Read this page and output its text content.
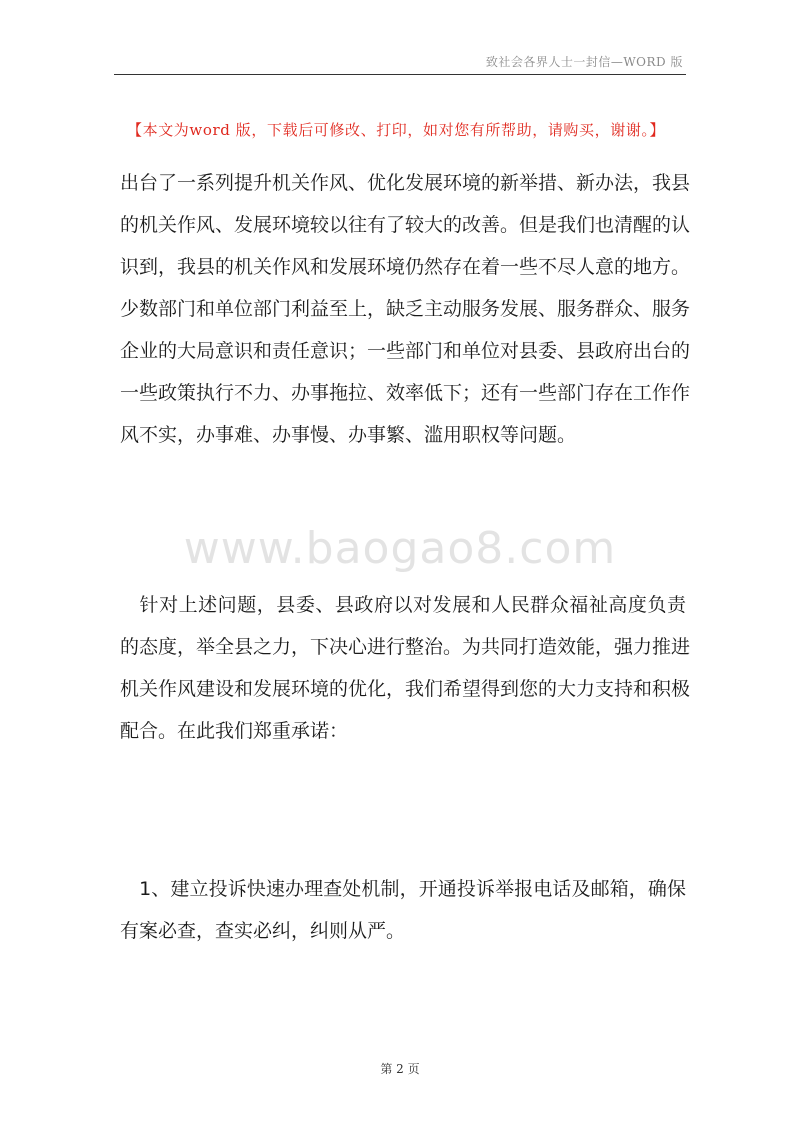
致社会各界人士一封信—WORD 版
【本文为word 版，下载后可修改、打印，如对您有所帮助，请购买，谢谢。】
出台了一系列提升机关作风、优化发展环境的新举措、新办法，我县
的机关作风、发展环境较以往有了较大的改善。但是我们也清醒的认
识到，我县的机关作风和发展环境仍然存在着一些不尽人意的地方。
少数部门和单位部门利益至上，缺乏主动服务发展、服务群众、服务
企业的大局意识和责任意识；一些部门和单位对县委、县政府出台的
一些政策执行不力、办事拖拉、效率低下；还有一些部门存在工作作
风不实，办事难、办事慢、办事繁、滥用职权等问题。
www.baogao8.com
　针对上述问题，县委、县政府以对发展和人民群众福祉高度负责
的态度，举全县之力，下决心进行整治。为共同打造效能，强力推进
机关作风建设和发展环境的优化，我们希望得到您的大力支持和积极
配合。在此我们郑重承诺：
　1、建立投诉快速办理查处机制，开通投诉举报电话及邮箱，确保
有案必查，查实必纠，纠则从严。
第 2 页
